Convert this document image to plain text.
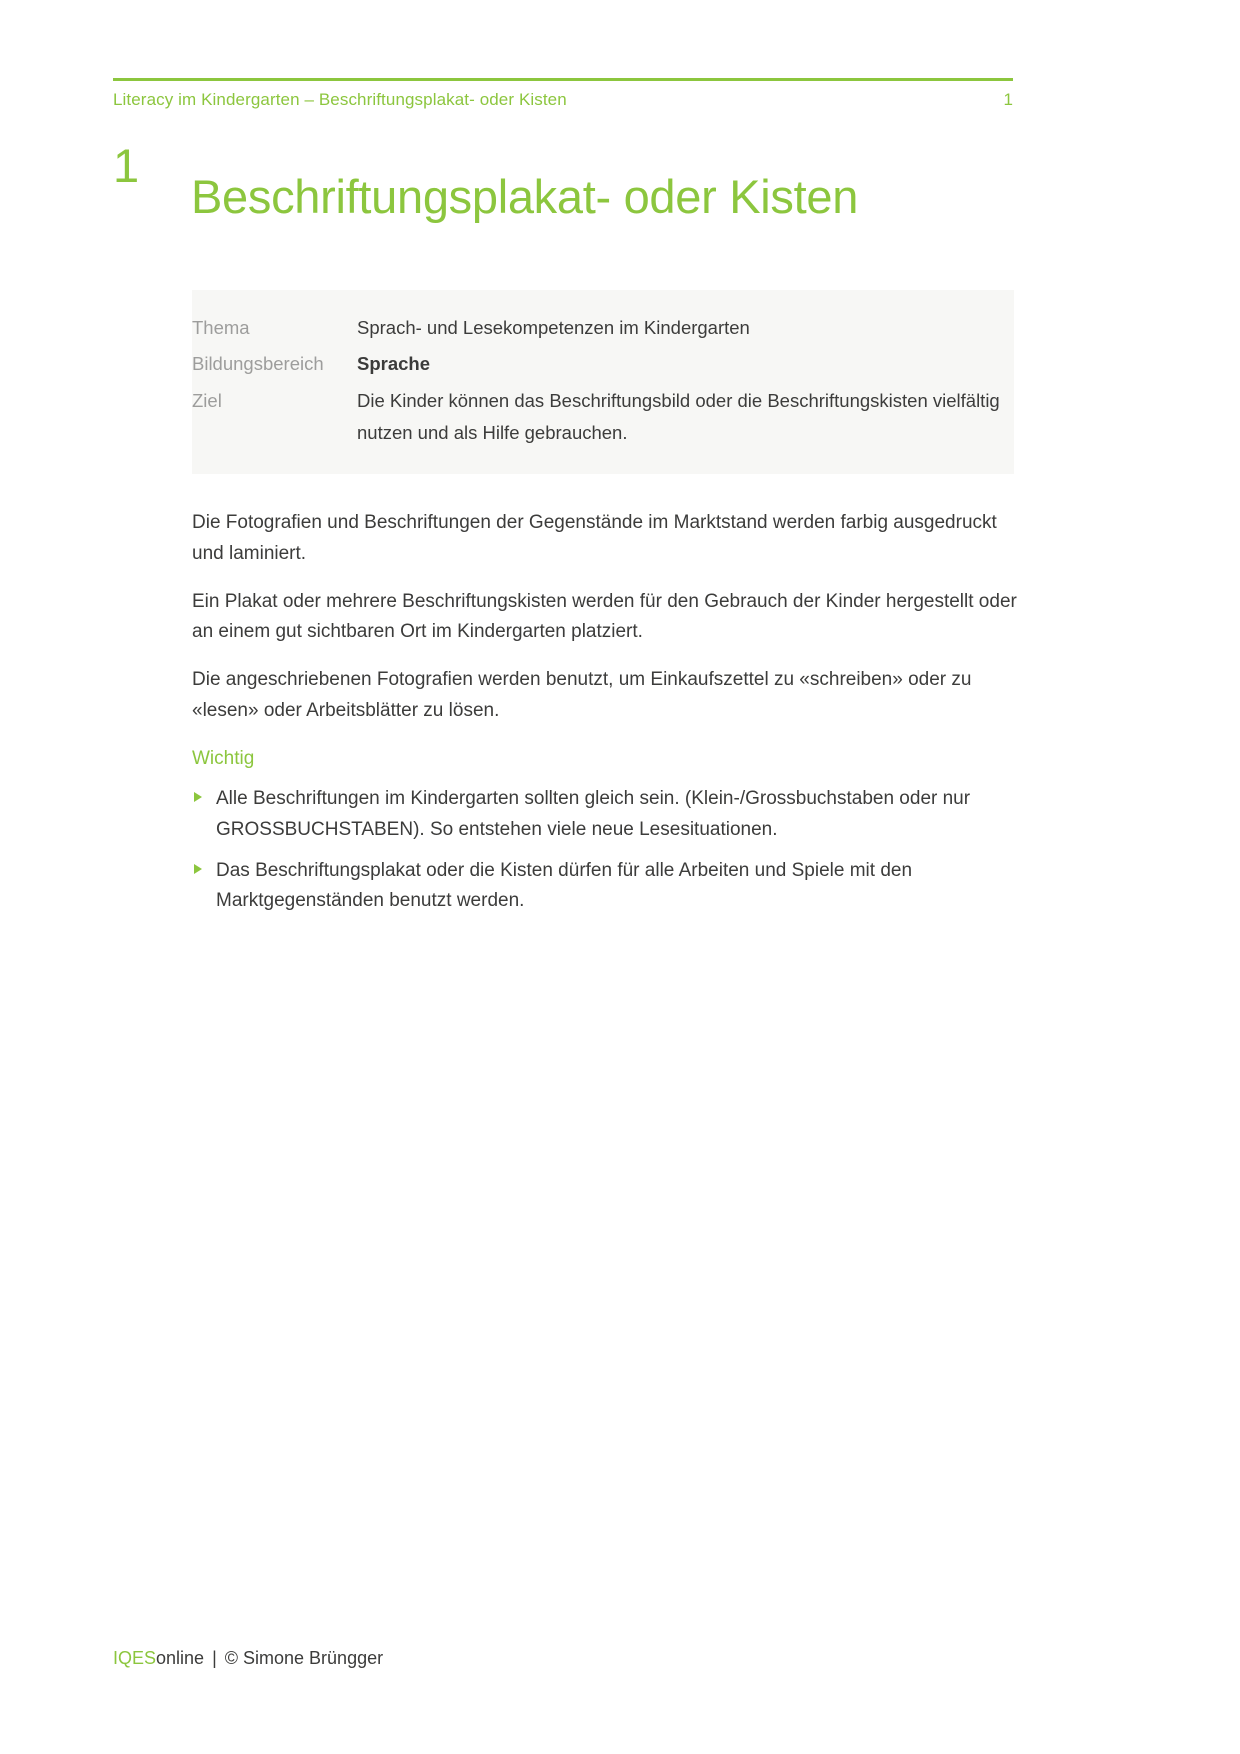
Literacy im Kindergarten – Beschriftungsplakat- oder Kisten	1
1
Beschriftungsplakat- oder Kisten
Thema	Sprach- und Lesekompetenzen im Kindergarten
Bildungsbereich	Sprache
Ziel	Die Kinder können das Beschriftungsbild oder die Beschriftungskisten vielfältig nutzen und als Hilfe gebrauchen.

Die Fotografien und Beschriftungen der Gegenstände im Marktstand werden farbig ausgedruckt und laminiert.

Ein Plakat oder mehrere Beschriftungskisten werden für den Gebrauch der Kinder hergestellt oder an einem gut sichtbaren Ort im Kindergarten platziert.

Die angeschriebenen Fotografien werden benutzt, um Einkaufszettel zu «schreiben» oder zu «lesen» oder Arbeitsblätter zu lösen.

Wichtig
Alle Beschriftungen im Kindergarten sollten gleich sein. (Klein-/Grossbuchstaben oder nur GROSSBUCHSTABEN). So entstehen viele neue Lesesituationen.
Das Beschriftungsplakat oder die Kisten dürfen für alle Arbeiten und Spiele mit den Marktgegenständen benutzt werden.
IQES online | © Simone Brüngger
